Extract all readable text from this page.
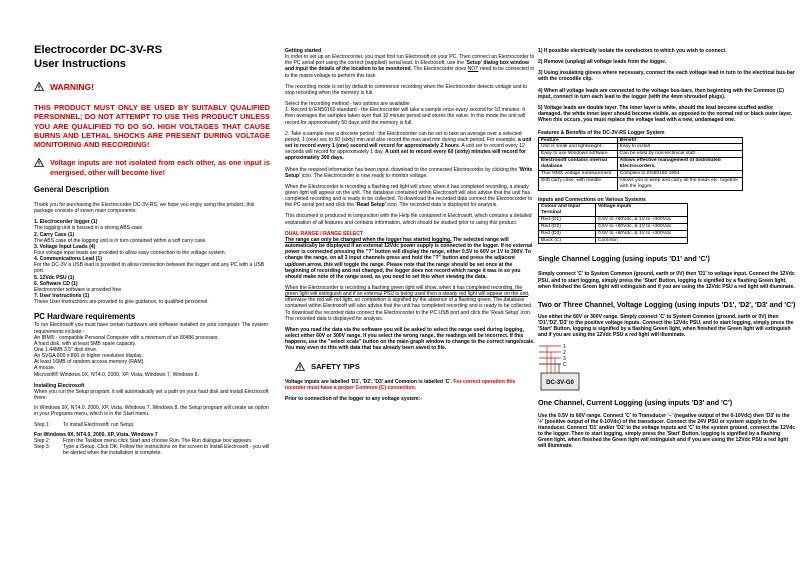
Electrocorder DC-3V-RS

User Instructions

WARNING!

THIS PRODUCT MUST ONLY BE USED BY SUITABLY QUALIFIED PERSONNEL; DO NOT ATTEMPT TO USE THIS PRODUCT UNLESS YOU ARE QUALIFIED TO DO SO. HIGH VOLTAGES THAT CAUSE BURNS AND LETHAL SHOCKS ARE PRESENT DURING VOLTAGE MONITORING AND RECORDING!

Voltage inputs are not isolated from each other, as one input is energised, other will become live!

General Description

Thank you for purchasing the Electrocorder DC-3V-RS, we hope you enjoy using this product, this package consists of seven main components:

1. Electrocorder logger (1)

The logging unit is housed in a strong ABS case.

2. Carry Case (1)

The ABS case of the logging unit is in turn contained within a soft carry case.

3. Voltage Input Leads (4)

Four voltage input leads are provided to allow easy connection to the voltage system.

4. Communications Lead (1)

For the DC-3V a USB lead is provided to allow connection between the logger and any PC with a USB port.

5. 12Vdc PSU (1)

6. Software CD (1)

Electrocorder software is provided free.

7. User Instructions (1)

These User Instructions are provided to give guidance, to qualified personnel.

PC Hardware requirements

To run Electrosoft you must have certain hardware and software installed on your computer. The system requirements include:-

An IBM® - compatible Personal Computer with a minimum of an 80486 processor.

A hard disk, with at least 5MB spare capacity.

One 1.44MB 3.5" disk drive.

An SVGA 600 x 800 or higher resolution display.

At least 16MB of random access memory (RAM).

A mouse.

Microsoft® Windows 9X, NT4.0, 2000, XP, Vista, Windows 7, Windows 8.

Installing Electrosoft

When you run the Setup program, it will automatically set a path on your hard disk and install Electrosoft there.

In Windows 9X, NT4.0, 2000, XP, Vista, Windows 7, Windows 8, the Setup program will create an option in your Programs menu, which is in the Start menu.

Step 1:	To install Electrosoft; run Setup.

For Windows 9X, NT4.0, 2000, XP, Vista, Windows 7

Step 2:	From the Taskbar menu click Start and choose Run. The Run dialogue box appears.
Step 3:	Type a:\Setup. Click OK. Follow the instructions on the screen to install Electrosoft - you will be alerted when the installation is complete.

Getting started

In order to set up an Electrocorder, you must first run Electrosoft on your PC. Then connect an Electrocorder to the PC serial port using the correct (supplied) serial lead. In Electrosoft, use the 'Setup' dialog box window and input the details of the location to be monitored. The Electrocorder does NOT need to be connected in to the mains voltage to perform this task.

The recording mode is set by default to commence recording when the Electrocorder detects voltage and to stop recording when the memory is full.

Select the recording method - two options are available:

1. Record to EN50160 standard - the Electrocorder will take a sample once every second for 10 minutes. It then averages the samples taken over that 10 minute period and stores the value. In this mode the unit will record for approximately 50 days until the memory is full.

2. Take a sample over a discrete period - the Electrocorder can be set to take an average over a selected period, 1 (one) sec to 60 (sixty) min and also record the max and min during each period. For example, a unit set to record every 1 (one) second will record for approximately 2 hours. A unit set to record every 12 seconds will record for approximately 1 day. A unit set to record every 60 (sixty) minutes will record for approximately 300 days.

When the required information has been input, download to the connected Electrocorder by clicking the 'Write Setup' icon. The Electrocorder is now ready to monitor voltage.

When the Electrocorder is recording a flashing red light will show, when it has completed recording, a steady green light will appear on the unit. The database contained within Electrosoft will also advise that the unit has completed recording and is ready to be collected. To download the recorded data connect the Electrocorder to the PC serial port and click the 'Read Setup' icon. The recorded data is displayed for analysis.

This document is produced in conjunction with the Help file contained in Electrosoft, which contains a detailed explanation of all features and contains information, which should be studied prior to using this product.

DUAL RANGE / RANGE SELECT

The range can only be changed when the logger has started logging. The selected range will automatically be displayed if an external 12Vdc power supply is connected to the logger. If no external power is connected pressing the "?" button will display the range, either 0.5V to 60V or 1V to 300V. To change the range, on all 3 input channels press and hold the "?" button and press the adjacent up/down arrow, this will toggle the range. Please note that the range should be set once at the beginning of recording and not changed, the logger does not record which range it was in so you should make note of the range used, as you need to set this when viewing the data.

When the Electrocorder is recording a flashing green light will show, when it has completed recording, the green light will extinguish and if an external PSU is being used then a steady red light will appear on the unit, otherwise the red will not light, so completion is signified by the absence of a flashing green. The database contained within Electrosoft will also advise that the unit has completed recording and is ready to be collected. To download the recorded data connect the Electrocorder to the PC USB port and click the 'Read Setup' icon. The recorded data is displayed for analysis.

When you read the data via the software you will be asked to select the range used during logging, select either 60V or 300V range. If you select the wrong range, the readings will be incorrect. If this happens, use the "select scale" button on the main graph window to change to the correct range/scale. You may even do this with data that has already been saved to file.

SAFETY TIPS

Voltage inputs are labelled 'D1', 'D2', 'D3' and Common is labelled 'C'. For correct operation this recorder must have a proper Common (C) connection.

Prior to connection of the logger to any voltage system:-

1) If possible electrically isolate the conductors to which you wish to connect.

2) Remove (unplug) all voltage leads from the logger.

3) Using insulating gloves where necessary, connect the each voltage lead in turn to the electrical bus-bar with the crocodile clip.

4) When all voltage leads are connected to the voltage bus-bars, then beginning with the Common (C) input, connect in turn each lead to the logger (with the 4mm shrouded plugs).

5) Voltage leads are double layer. The inner layer is white, should the lead become scuffed and/or damaged, the white inner layer should become visible, as opposed to the normal red or black outer layer. When this occurs, you must replace the voltage lead with a new, undamaged one.

Features & Benefits of the DC-3V-RS Logger System

Feature	Benefit
Unit is small and lightweight.	Easy to install
Easy to use Windows software.	Can be used by non-technical staff.
Electrosoft contains internal database.	Allows effective management of distributed Electrocorders.
True RMS voltage measurement.	Complies to EN50160:1994.
Soft carry case, with handle	Allows you to keep and carry all the leads etc. together with the logger.

Inputs and Connections on Various Systems

Colour and Input Terminal	Voltage inputs
Red (D1)	0.5V to +60Vdc, & 1V to +300Vdc
Red (D2)	0.5V to +60Vdc, & 1V to +300Vdc
Red (D3)	0.5V to +60Vdc, & 1V to +300Vdc
Black (C)	Common

Single Channel Logging (using inputs 'D1' and 'C')

Simply connect 'C' to System Common (ground, earth or 0V) then 'D1' to voltage input. Connect the 12Vdc PSU, and to start logging, simply press the 'Start' Button, logging is signified by a flashing Green light, when finished the Green light will extinguish and if you are using the 12Vdc PSU a red light will illuminate.

Two or Three Channel, Voltage Logging (using inputs 'D1', 'D2', 'D3' and 'C')

Use either the 60V or 300V range. Simply connect 'C' to System Common (ground, earth or 0V) then 'D1','D2','D3' to the positive voltage inputs. Connect the 12Vdc PSU, and to start logging, simply press the 'Start' Button, logging is signified by a flashing Green light, when finished the Green light will extinguish and if you are using the 12Vdc PSU a red light will illuminate.

1
2
3
C
DC-3V-G0

One Channel, Current Logging (using inputs 'D3' and 'C')

Use the 0.5V to 60V range. Connect 'C' to Transducer '–' (negative output of the 0-10Vdc) then 'D3' to the '+' (positive output of the 0-10Vdc) of the transducer. Connect the 24V PSU or system supply to the transducer. Connect 'D1' and/or 'D2' to the voltage inputs and 'C' to the system ground, connect the 12Vdc to the logger. Then to start logging, simply press the 'Start' Button, logging is signified by a flashing Green light, when finished the Green light will extinguish and if you are using the 12Vdc PSU a red light will illuminate.
